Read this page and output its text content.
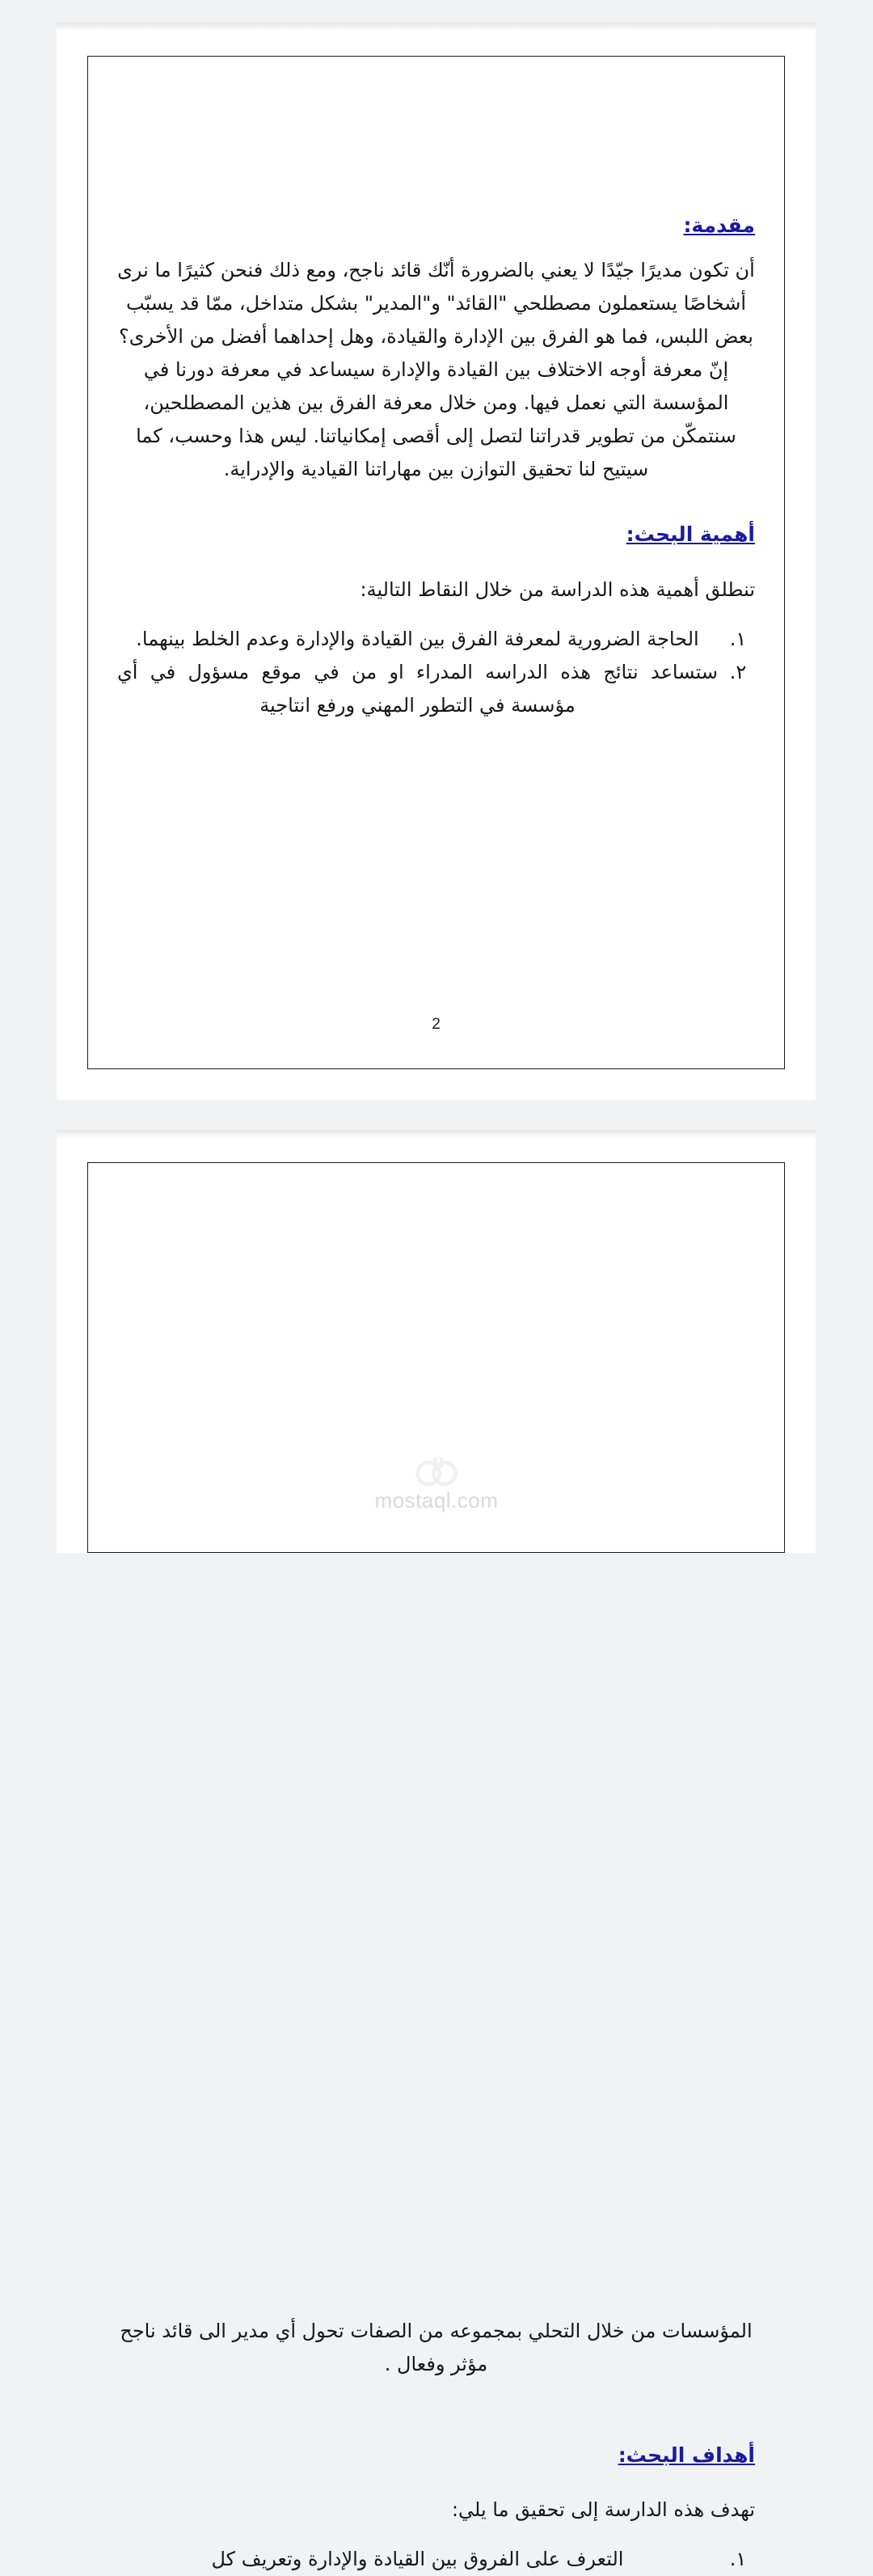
مقدمة:

أن تكون مديرًا جيّدًا لا يعني بالضرورة أنّك قائد ناجح، ومع ذلك فنحن كثيرًا ما نرى أشخاصًا يستعملون مصطلحي "القائد" و"المدير" بشكل متداخل، ممّا قد يسبّب بعض اللبس، فما هو الفرق بين الإدارة والقيادة، وهل إحداهما أفضل من الأخرى؟ إنّ معرفة أوجه الاختلاف بين القيادة والإدارة سيساعد في معرفة دورنا في المؤسسة التي نعمل فيها. ومن خلال معرفة الفرق بين هذين المصطلحين، سنتمكّن من تطوير قدراتنا لتصل إلى أقصى إمكانياتنا. ليس هذا وحسب، كما سيتيح لنا تحقيق التوازن بين مهاراتنا القيادية والإدراية.

أهمية البحث:

تنطلق أهمية هذه الدراسة من خلال النقاط التالية:

١.
الحاجة الضرورية لمعرفة الفرق بين القيادة والإدارة وعدم الخلط بينهما.
٢.
ستساعد نتائج هذه الدراسه المدراء او من في موقع مسؤول في أي مؤسسة في التطور المهني ورفع انتاجية
2

المؤسسات من خلال التحلي بمجموعه من الصفات تحول أي مدير الى قائد ناجح مؤثر وفعال .

أهداف البحث:

تهدف هذه الدارسة إلى تحقيق ما يلي:

١.
التعرف على الفروق بين القيادة والإدارة وتعريف كل
mostaql.com
